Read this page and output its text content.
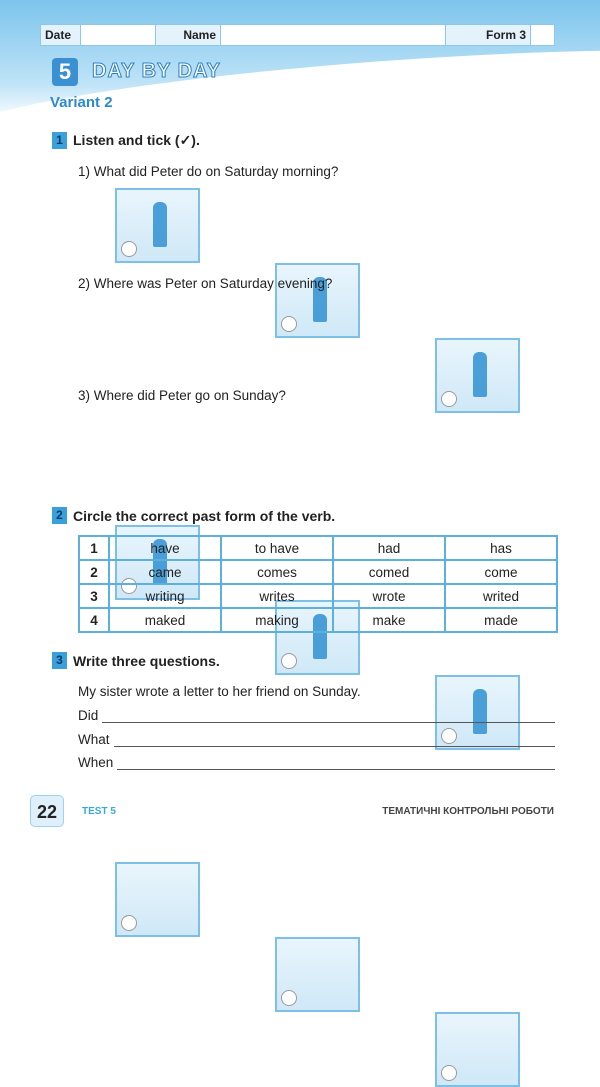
Date	Name	Form 3
5	DAY BY DAY
Variant 2
1 Listen and tick (✓).
1) What did Peter do on Saturday morning?
2) Where was Peter on Saturday evening?
3) Where did Peter go on Sunday?
2 Circle the correct past form of the verb.
1	have	to have	had	has
2	came	comes	comed	come
3	writing	writes	wrote	writed
4	maked	making	make	made
3 Write three questions.
My sister wrote a letter to her friend on Sunday.
Did
What
When
22	TEST 5	ТЕМАТИЧНІ КОНТРОЛЬНІ РОБОТИ
